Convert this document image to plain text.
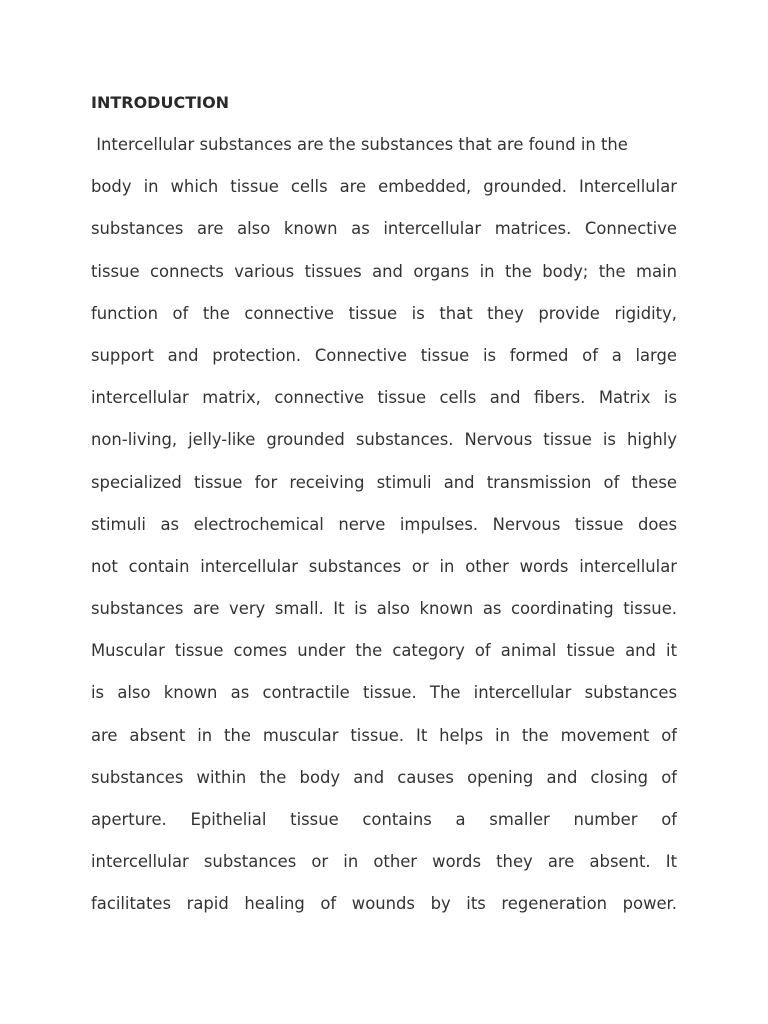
INTRODUCTION
Intercellular substances are the substances that are found in the
body in which tissue cells are embedded, grounded. Intercellular
substances are also known as intercellular matrices. Connective
tissue connects various tissues and organs in the body; the main
function of the connective tissue is that they provide rigidity,
support and protection. Connective tissue is formed of a large
intercellular matrix, connective tissue cells and fibers. Matrix is
non-living, jelly-like grounded substances. Nervous tissue is highly
specialized tissue for receiving stimuli and transmission of these
stimuli as electrochemical nerve impulses. Nervous tissue does
not contain intercellular substances or in other words intercellular
substances are very small. It is also known as coordinating tissue.
Muscular tissue comes under the category of animal tissue and it
is also known as contractile tissue. The intercellular substances
are absent in the muscular tissue. It helps in the movement of
substances within the body and causes opening and closing of
aperture. Epithelial tissue contains a smaller number of
intercellular substances or in other words they are absent. It
facilitates rapid healing of wounds by its regeneration power.
